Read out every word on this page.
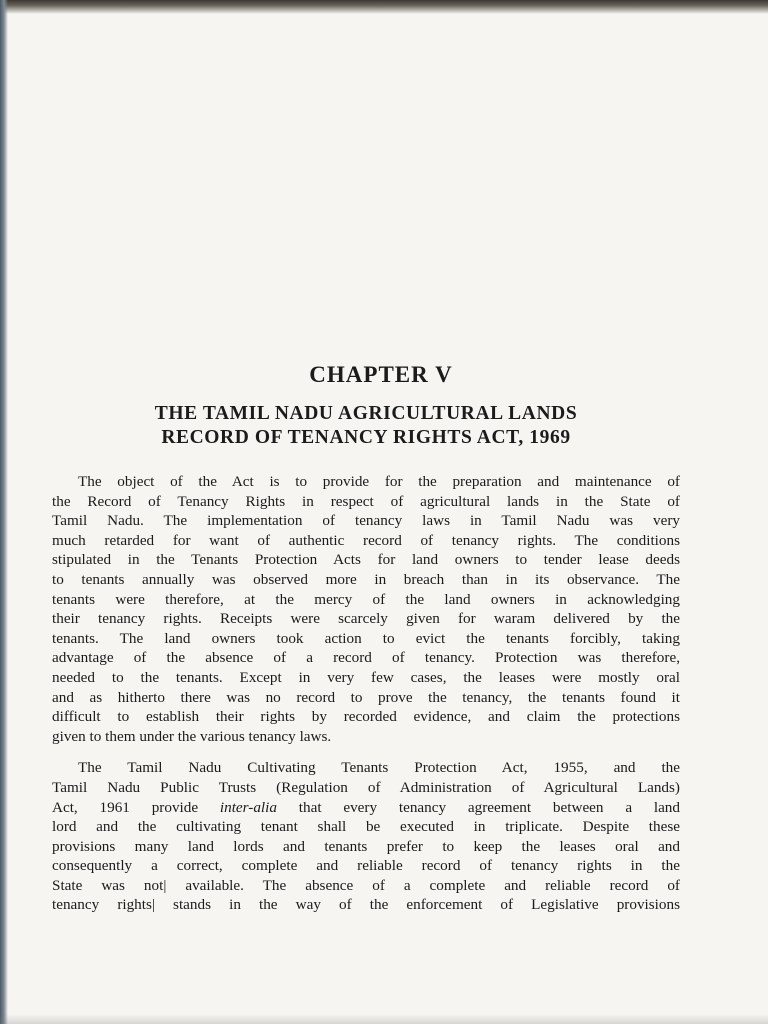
CHAPTER V
THE TAMIL NADU AGRICULTURAL LANDS
RECORD OF TENANCY RIGHTS ACT, 1969

The object of the Act is to provide for the preparation and maintenance of
the Record of Tenancy Rights in respect of agricultural lands in the State of
Tamil Nadu. The implementation of tenancy laws in Tamil Nadu was very
much retarded for want of authentic record of tenancy rights. The conditions
stipulated in the Tenants Protection Acts for land owners to tender lease deeds
to tenants annually was observed more in breach than in its observance. The
tenants were therefore, at the mercy of the land owners in acknowledging
their tenancy rights. Receipts were scarcely given for waram delivered by the
tenants. The land owners took action to evict the tenants forcibly, taking
advantage of the absence of a record of tenancy. Protection was therefore,
needed to the tenants. Except in very few cases, the leases were mostly oral
and as hitherto there was no record to prove the tenancy, the tenants found it
difficult to establish their rights by recorded evidence, and claim the protections
given to them under the various tenancy laws.

The Tamil Nadu Cultivating Tenants Protection Act, 1955, and the
Tamil Nadu Public Trusts (Regulation of Administration of Agricultural Lands)
Act, 1961 provide inter-alia that every tenancy agreement between a land
lord and the cultivating tenant shall be executed in triplicate. Despite these
provisions many land lords and tenants prefer to keep the leases oral and
consequently a correct, complete and reliable record of tenancy rights in the
State was not| available. The absence of a complete and reliable record of
tenancy rights| stands in the way of the enforcement of Legislative provisions
